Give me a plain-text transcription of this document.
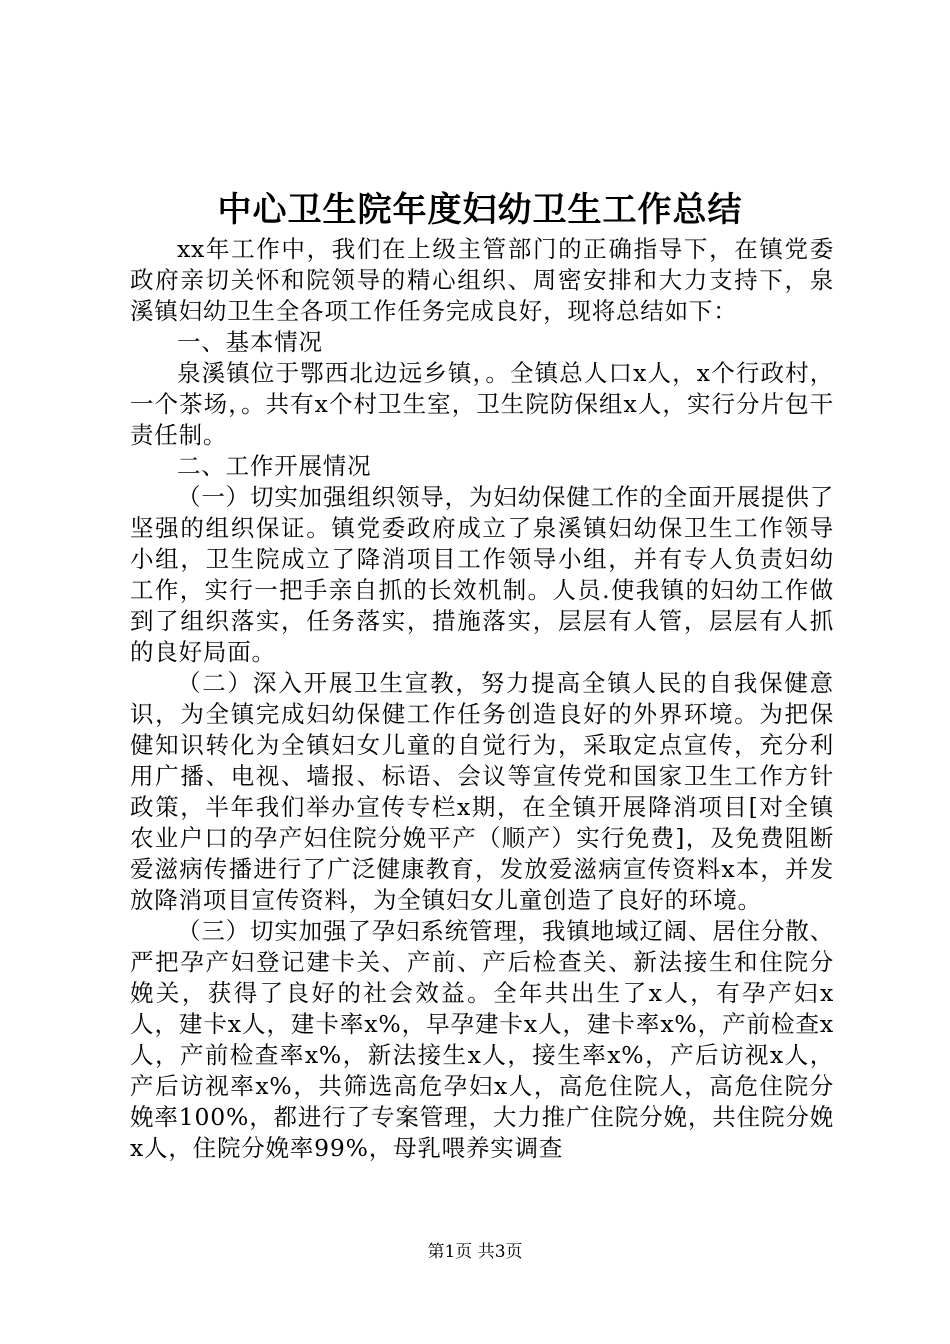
中心卫生院年度妇幼卫生工作总结

xx年工作中，我们在上级主管部门的正确指导下，在镇党委政府亲切关怀和院领导的精心组织、周密安排和大力支持下，泉溪镇妇幼卫生全各项工作任务完成良好，现将总结如下：

一、基本情况

泉溪镇位于鄂西北边远乡镇，。全镇总人口x人，x个行政村，一个茶场，。共有x个村卫生室，卫生院防保组x人，实行分片包干责任制。

二、工作开展情况

（一）切实加强组织领导，为妇幼保健工作的全面开展提供了坚强的组织保证。镇党委政府成立了泉溪镇妇幼保卫生工作领导小组，卫生院成立了降消项目工作领导小组，并有专人负责妇幼工作，实行一把手亲自抓的长效机制。人员.使我镇的妇幼工作做到了组织落实，任务落实，措施落实，层层有人管，层层有人抓的良好局面。

（二）深入开展卫生宣教，努力提高全镇人民的自我保健意识，为全镇完成妇幼保健工作任务创造良好的外界环境。为把保健知识转化为全镇妇女儿童的自觉行为，采取定点宣传，充分利用广播、电视、墙报、标语、会议等宣传党和国家卫生工作方针政策，半年我们举办宣传专栏x期，在全镇开展降消项目[对全镇农业户口的孕产妇住院分娩平产（顺产）实行免费]，及免费阻断爱滋病传播进行了广泛健康教育，发放爱滋病宣传资料x本，并发放降消项目宣传资料，为全镇妇女儿童创造了良好的环境。

（三）切实加强了孕妇系统管理，我镇地域辽阔、居住分散、严把孕产妇登记建卡关、产前、产后检查关、新法接生和住院分娩关，获得了良好的社会效益。全年共出生了x人，有孕产妇x人，建卡x人，建卡率x%，早孕建卡x人，建卡率x%，产前检查x人，产前检查率x%，新法接生x人，接生率x%，产后访视x人，产后访视率x%，共筛选高危孕妇x人，高危住院人，高危住院分娩率100%，都进行了专案管理，大力推广住院分娩，共住院分娩x人，住院分娩率99%，母乳喂养实调查

第1页 共3页
